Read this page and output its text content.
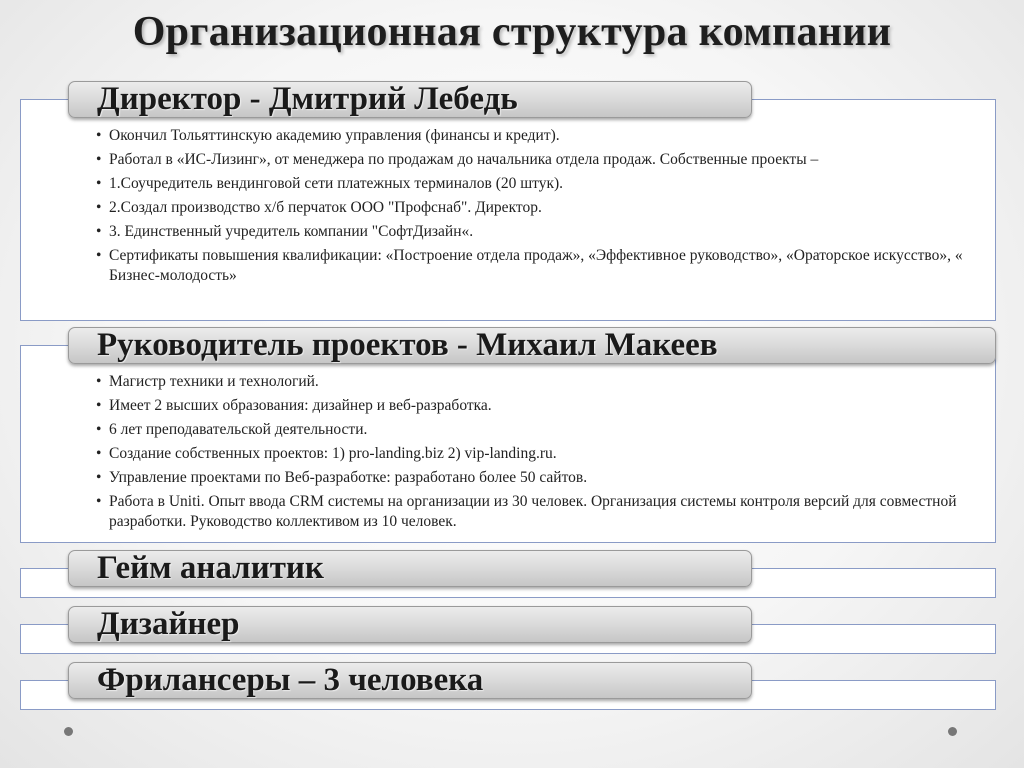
Организационная структура компании
• Окончил Тольяттинскую академию управления (финансы и кредит).
• Работал в «ИС-Лизинг», от менеджера по продажам до начальника отдела продаж. Собственные проекты –
• 1.Соучредитель вендинговой сети платежных терминалов (20 штук).
• 2.Создал производство х/б перчаток ООО "Профснаб". Директор.
• 3. Единственный учредитель компании "СофтДизайн«.
• Сертификаты повышения квалификации: «Построение отдела продаж», «Эффективное руководство», «Ораторское искусство», « Бизнес-молодость»
Директор - Дмитрий Лебедь
• Магистр техники и технологий.
• Имеет 2 высших образования: дизайнер и веб-разработка.
• 6 лет преподавательской деятельности.
• Создание собственных проектов: 1) pro-landing.biz 2) vip-landing.ru.
• Управление проектами по Веб-разработке: разработано более 50 сайтов.
• Работа в Uniti. Опыт ввода CRM системы на организации из 30 человек. Организация системы контроля версий для совместной разработки. Руководство коллективом из 10 человек.
Руководитель проектов - Михаил Макеев
Гейм аналитик
Дизайнер
Фрилансеры – 3 человека
